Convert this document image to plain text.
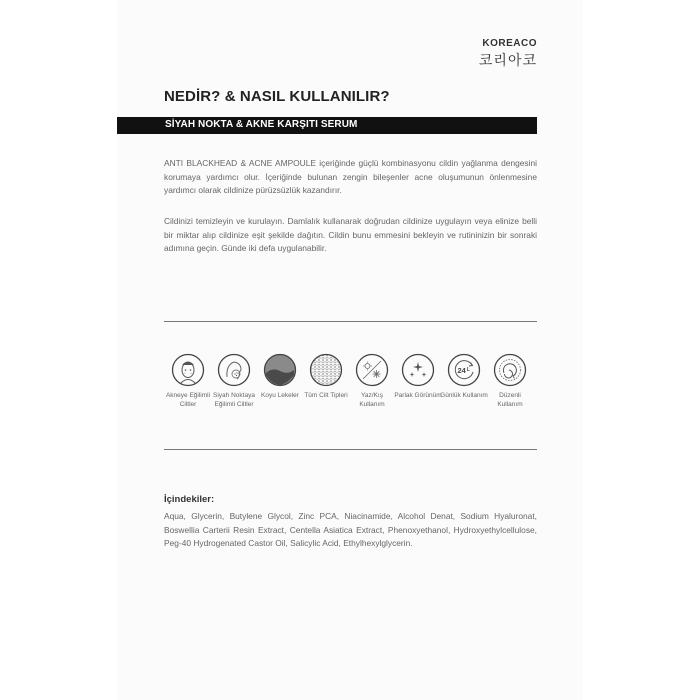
KOREACO
코리아코
NEDİR? & NASIL KULLANILIR?
SİYAH NOKTA & AKNE KARŞITI SERUM
ANTI BLACKHEAD & ACNE AMPOULE içeriğinde güçlü kombinasyonu cildin yağlanma dengesini korumaya yardımcı olur. İçeriğinde bulunan zengin bileşenler acne oluşumunun önlenmesine yardımcı olarak cildinize pürüzsüzlük kazandırır.
Cildinizi temizleyin ve kurulayın. Damlalık kullanarak doğrudan cildinize uygulayın veya elinize belli bir miktar alıp cildinize eşit şekilde dağıtın. Cildin bunu emmesini bekleyin ve rutininizin bir sonraki adımına geçin. Günde iki defa uygulanabilir.
Akneye Eğilimli Ciltler
Siyah Noktaya Eğilimli Ciltler
Koyu Lekeler Tüm Cilt Tipleri	Yaz/Kış Kullanım
Parlak Görünüm
24
Günlük Kullanım	Düzenli Kullanım
İçindekiler:
Aqua, Glycerin, Butylene Glycol, Zinc PCA, Niacinamide, Alcohol Denat, Sodium Hyaluronat, Boswellia Carterii Resin Extract, Centella Asiatica Extract, Phenoxyethanol, Hydroxyethylcellulose, Peg-40 Hydrogenated Castor Oil, Salicylic Acid, Ethylhexylglycerin.
